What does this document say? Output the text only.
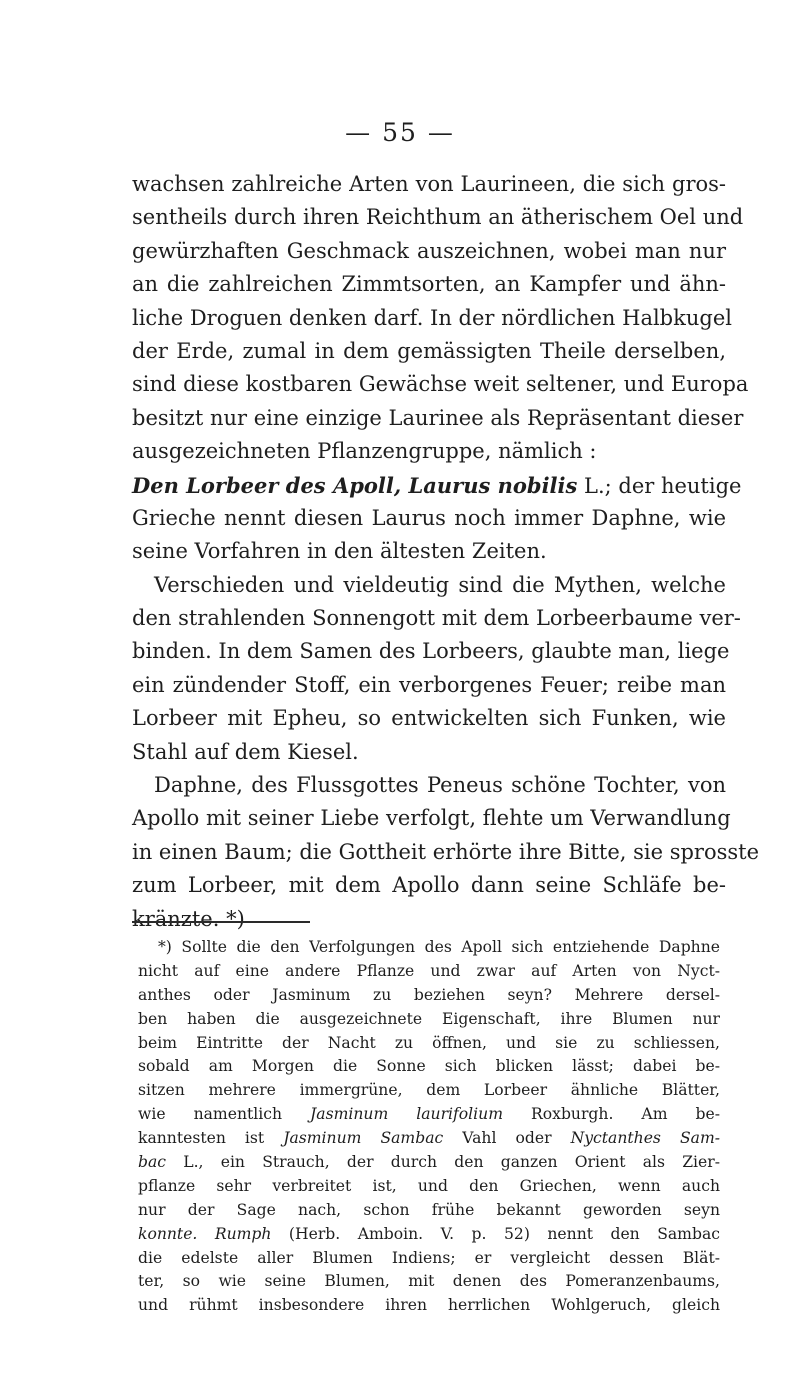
— 55 —
wachsen zahlreiche Arten von Laurineen, die sich gros-
sentheils durch ihren Reichthum an ätherischem Oel und
gewürzhaften Geschmack auszeichnen, wobei man nur
an die zahlreichen Zimmtsorten, an Kampfer und ähn-
liche Droguen denken darf. In der nördlichen Halbkugel
der Erde, zumal in dem gemässigten Theile derselben,
sind diese kostbaren Gewächse weit seltener, und Europa
besitzt nur eine einzige Laurinee als Repräsentant dieser
ausgezeichneten Pflanzengruppe, nämlich :
Den Lorbeer des Apoll, Laurus nobilis L.; der heutige
Grieche nennt diesen Laurus noch immer Daphne, wie
seine Vorfahren in den ältesten Zeiten.
Verschieden und vieldeutig sind die Mythen, welche
den strahlenden Sonnengott mit dem Lorbeerbaume ver-
binden. In dem Samen des Lorbeers, glaubte man, liege
ein zündender Stoff, ein verborgenes Feuer; reibe man
Lorbeer mit Epheu, so entwickelten sich Funken, wie
Stahl auf dem Kiesel.
Daphne, des Flussgottes Peneus schöne Tochter, von
Apollo mit seiner Liebe verfolgt, flehte um Verwandlung
in einen Baum; die Gottheit erhörte ihre Bitte, sie sprosste
zum Lorbeer, mit dem Apollo dann seine Schläfe be-
kränzte. *)
*) Sollte die den Verfolgungen des Apoll sich entziehende Daphne
nicht auf eine andere Pflanze und zwar auf Arten von Nyct-
anthes oder Jasminum zu beziehen seyn? Mehrere dersel-
ben haben die ausgezeichnete Eigenschaft, ihre Blumen nur
beim Eintritte der Nacht zu öffnen, und sie zu schliessen,
sobald am Morgen die Sonne sich blicken lässt; dabei be-
sitzen mehrere immergrüne, dem Lorbeer ähnliche Blätter,
wie namentlich Jasminum laurifolium Roxburgh. Am be-
kanntesten ist Jasminum Sambac Vahl oder Nyctanthes Sam-
bac L., ein Strauch, der durch den ganzen Orient als Zier-
pflanze sehr verbreitet ist, und den Griechen, wenn auch
nur der Sage nach, schon frühe bekannt geworden seyn
konnte. Rumph (Herb. Amboin. V. p. 52) nennt den Sambac
die edelste aller Blumen Indiens; er vergleicht dessen Blät-
ter, so wie seine Blumen, mit denen des Pomeranzenbaums,
und rühmt insbesondere ihren herrlichen Wohlgeruch, gleich
